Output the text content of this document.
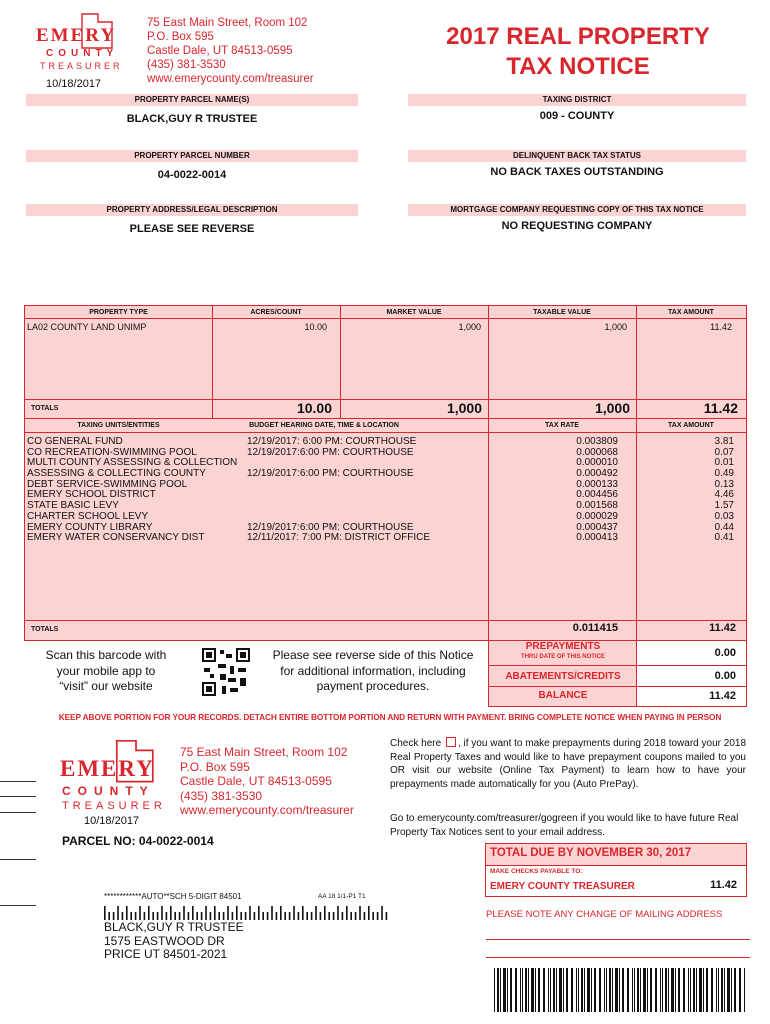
EMERY
COUNTY
TREASURER
10/18/2017
75 East Main Street, Room 102
P.O. Box 595
Castle Dale, UT 84513-0595
(435) 381-3530
www.emerycounty.com/treasurer
2017 REAL PROPERTY
TAX NOTICE
PROPERTY PARCEL NAME(S)
BLACK,GUY R TRUSTEE
TAXING DISTRICT
009 - COUNTY
PROPERTY PARCEL NUMBER
04-0022-0014
DELINQUENT BACK TAX STATUS
NO BACK TAXES OUTSTANDING
PROPERTY ADDRESS/LEGAL DESCRIPTION
PLEASE SEE REVERSE
MORTGAGE COMPANY REQUESTING COPY OF THIS TAX NOTICE
NO REQUESTING COMPANY
PROPERTY TYPE	ACRES/COUNT	MARKET VALUE	TAXABLE VALUE	TAX AMOUNT
LA02 COUNTY LAND UNIMP	10.00	1,000	1,000	11.42
TOTALS	10.00	1,000	1,000	11.42
TAXING UNITS/ENTITIES	BUDGET HEARING DATE, TIME & LOCATION	TAX RATE	TAX AMOUNT
CO GENERAL FUND	12/19/2017: 6:00 PM: COURTHOUSE	0.003809	3.81
CO RECREATION-SWIMMING POOL	12/19/2017:6:00 PM: COURTHOUSE	0.000068	0.07
MULTI COUNTY ASSESSING & COLLECTION	0.000010	0.01
ASSESSING & COLLECTING COUNTY	12/19/2017:6:00 PM: COURTHOUSE	0.000492	0.49
DEBT SERVICE-SWIMMING POOL	0.000133	0.13
EMERY SCHOOL DISTRICT	0.004456	4.46
STATE BASIC LEVY	0.001568	1.57
CHARTER SCHOOL LEVY	0.000029	0.03
EMERY COUNTY LIBRARY	12/19/2017:6:00 PM: COURTHOUSE	0.000437	0.44
EMERY WATER CONSERVANCY DIST	12/11/2017: 7:00 PM: DISTRICT OFFICE	0.000413	0.41
TOTALS	0.011415	11.42
Scan this barcode with
your mobile app to
“visit” our website
Please see reverse side of this Notice
for additional information, including
payment procedures.
PREPAYMENTS
THRU DATE OF THIS NOTICE	0.00
ABATEMENTS/CREDITS	0.00
BALANCE	11.42
KEEP ABOVE PORTION FOR YOUR RECORDS. DETACH ENTIRE BOTTOM PORTION AND RETURN WITH PAYMENT. BRING COMPLETE NOTICE WHEN PAYING IN PERSON
EMERY
COUNTY
TREASURER
10/18/2017
75 East Main Street, Room 102
P.O. Box 595
Castle Dale, UT 84513-0595
(435) 381-3530
www.emerycounty.com/treasurer
PARCEL NO: 04-0022-0014
************AUTO**SCH 5-DIGIT 84501	AA 18 1/1-P1 T1
BLACK,GUY R TRUSTEE
1575 EASTWOOD DR
PRICE UT 84501-2021
Check here , if you want to make prepayments during 2018 toward your 2018 Real Property Taxes and would like to have prepayment coupons mailed to you OR visit our website (Online Tax Payment) to learn how to have your prepayments made automatically for you (Auto PrePay).
Go to emerycounty.com/treasurer/gogreen if you would like to have future Real Property Tax Notices sent to your email address.
TOTAL DUE BY NOVEMBER 30, 2017
MAKE CHECKS PAYABLE TO:
EMERY COUNTY TREASURER	11.42
PLEASE NOTE ANY CHANGE OF MAILING ADDRESS
